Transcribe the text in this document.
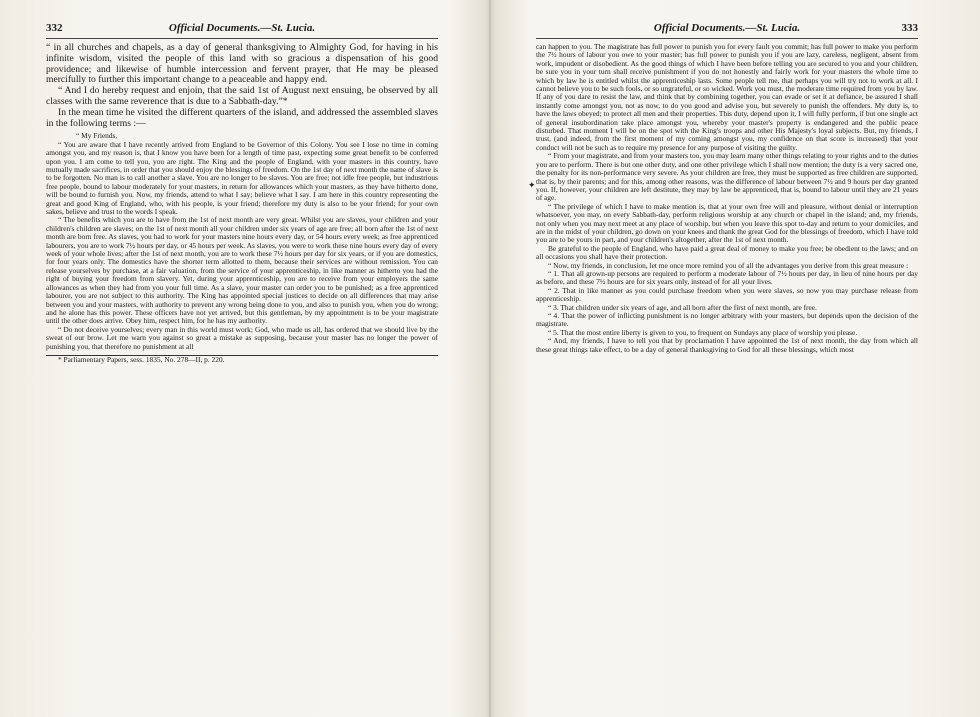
332	Official Documents.—St. Lucia.

“ in all churches and chapels, as a day of general thanksgiving to Almighty God, for having in his infinite wisdom, visited the people of this land with so gracious a dispensation of his good providence; and likewise of humble intercession and fervent prayer, that He may be pleased mercifully to further this important change to a peaceable and happy end.

“ And I do hereby request and enjoin, that the said 1st of August next ensuing, be observed by all classes with the same reverence that is due to a Sabbath-day.”*

In the mean time he visited the different quarters of the island, and addressed the assembled slaves in the following terms :—

“ My Friends,

“ You are aware that I have recently arrived from England to be Governor of this Colony. You see I lose no time in coming amongst you, and my reason is, that I know you have been for a length of time past, expecting some great benefit to be conferred upon you. I am come to tell you, you are right. The King and the people of England, with your masters in this country, have mutually made sacrifices, in order that you should enjoy the blessings of freedom. On the 1st day of next month the name of slave is to be forgotten. No man is to call another a slave. You are no longer to be slaves. You are free; not idle free people, but industrious free people, bound to labour moderately for your masters, in return for allowances which your masters, as they have hitherto done, will be bound to furnish you. Now, my friends, attend to what I say; believe what I say. I am here in this country representing the great and good King of England, who, with his people, is your friend; therefore my duty is also to be your friend; for your own sakes, believe and trust to the words I speak.

“ The benefits which you are to have from the 1st of next month are very great. Whilst you are slaves, your children and your children's children are slaves; on the 1st of next month all your children under six years of age are free; all born after the 1st of next month are born free. As slaves, you had to work for your masters nine hours every day, or 54 hours every week; as free apprenticed labourers, you are to work 7½ hours per day, or 45 hours per week. As slaves, you were to work these nine hours every day of every week of your whole lives; after the 1st of next month, you are to work these 7½ hours per day for six years, or if you are domestics, for four years only. The domestics have the shorter term allotted to them, because their services are without remission. You can release yourselves by purchase, at a fair valuation, from the service of your apprenticeship, in like manner as hitherto you had the right of buying your freedom from slavery. Yet, during your apprenticeship, you are to receive from your employers the same allowances as when they had from you your full time. As a slave, your master can order you to be punished; as a free apprenticed labourer, you are not subject to this authority. The King has appointed special justices to decide on all differences that may arise between you and your masters, with authority to prevent any wrong being done to you, and also to punish you, when you do wrong; and he alone has this power. These officers have not yet arrived, but this gentleman, by my appointment is to be your magistrate until the other does arrive. Obey him, respect him, for he has my authority.

“ Do not deceive yourselves; every man in this world must work; God, who made us all, has ordered that we should live by the sweat of our brow. Let me warn you against so great a mistake as supposing, because your master has no longer the power of punishing you, that therefore no punishment at all

* Parliamentary Papers, sess. 1835, No. 278—II, p. 220.

Official Documents.—St. Lucia.	333

can happen to you. The magistrate has full power to punish you for every fault you commit; has full power to make you perform the 7½ hours of labour you owe to your master; has full power to punish you if you are lazy, careless, negligent, absent from work, impudent or disobedient. As the good things of which I have been before telling you are secured to you and your children, be sure you in your turn shall receive punishment if you do not honestly and fairly work for your masters the whole time to which by law he is entitled whilst the apprenticeship lasts. Some people tell me, that perhaps you will try not to work at all. I cannot believe you to be such fools, or so ungrateful, or so wicked. Work you must, the moderate time required from you by law. If any of you dare to resist the law, and think that by combining together, you can evade or set it at defiance, be assured I shall instantly come amongst you, not as now, to do you good and advise you, but severely to punish the offenders. My duty is, to have the laws obeyed; to protect all men and their properties. This duty, depend upon it, I will fully perform, if but one single act of general insubordination take place amongst you, whereby your master's property is endangered and the public peace disturbed. That moment I will be on the spot with the King's troops and other His Majesty's loyal subjects. But, my friends, I trust, (and indeed, from the first moment of my coming amongst you, my confidence on that score is increased) that your conduct will not be such as to require my presence for any purpose of visiting the guilty.

“ From your magistrate, and from your masters too, you may learn many other things relating to your rights and to the duties you are to perform. There is but one other duty, and one other privilege which I shall now mention; the duty is a very sacred one, the penalty for its non-performance very severe. As your children are free, they must be supported as free children are supported, that is, by their parents; and for this, among other reasons, was the difference of labour between 7½ and 9 hours per day granted you. If, however, your children are left destitute, they may by law be apprenticed, that is, bound to labour until they are 21 years of age.

“ The privilege of which I have to make mention is, that at your own free will and pleasure, without denial or interruption whatsoever, you may, on every Sabbath-day, perform religious worship at any church or chapel in the island; and, my friends, not only when you may next meet at any place of worship, but when you leave this spot to-day and return to your domiciles, and are in the midst of your children, go down on your knees and thank the great God for the blessings of freedom, which I have told you are to be yours in part, and your children's altogether, after the 1st of next month.

Be grateful to the people of England, who have paid a great deal of money to make you free; be obedient to the laws; and on all occasions you shall have their protection.

“ Now, my friends, in conclusion, let me once more remind you of all the advantages you derive from this great measure :

“ 1. That all grown-up persons are required to perform a moderate labour of 7½ hours per day, in lieu of nine hours per day as before, and these 7½ hours are for six years only, instead of for all your lives.

“ 2. That in like manner as you could purchase freedom when you were slaves, so now you may purchase release from apprenticeship.

“ 3. That children under six years of age, and all born after the first of next month, are free.

“ 4. That the power of inflicting punishment is no longer arbitrary with your masters, but depends upon the decision of the magistrate.

“ 5. That the most entire liberty is given to you, to frequent on Sundays any place of worship you please.

“ And, my friends, I have to tell you that by proclamation I have appointed the 1st of next month, the day from which all these great things take effect, to be a day of general thanksgiving to God for all these blessings, which most

✦
